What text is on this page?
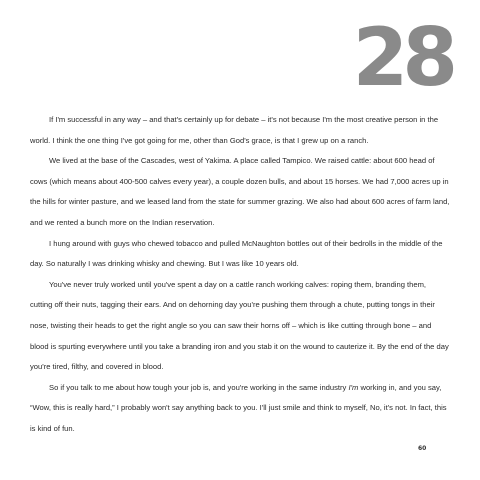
28

If I'm successful in any way – and that's certainly up for debate – it's not because I'm the most creative person in the world. I think the one thing I've got going for me, other than God's grace, is that I grew up on a ranch.

We lived at the base of the Cascades, west of Yakima. A place called Tampico. We raised cattle: about 600 head of cows (which means about 400-500 calves every year), a couple dozen bulls, and about 15 horses. We had 7,000 acres up in the hills for winter pasture, and we leased land from the state for summer grazing. We also had about 600 acres of farm land, and we rented a bunch more on the Indian reservation.

I hung around with guys who chewed tobacco and pulled McNaughton bottles out of their bedrolls in the middle of the day. So naturally I was drinking whisky and chewing. But I was like 10 years old.

You've never truly worked until you've spent a day on a cattle ranch working calves: roping them, branding them, cutting off their nuts, tagging their ears. And on dehorning day you're pushing them through a chute, putting tongs in their nose, twisting their heads to get the right angle so you can saw their horns off – which is like cutting through bone – and blood is spurting everywhere until you take a branding iron and you stab it on the wound to cauterize it. By the end of the day you're tired, filthy, and covered in blood.

So if you talk to me about how tough your job is, and you're working in the same industry I'm working in, and you say, “Wow, this is really hard,” I probably won't say anything back to you. I'll just smile and think to myself, No, it's not. In fact, this is kind of fun.

60
